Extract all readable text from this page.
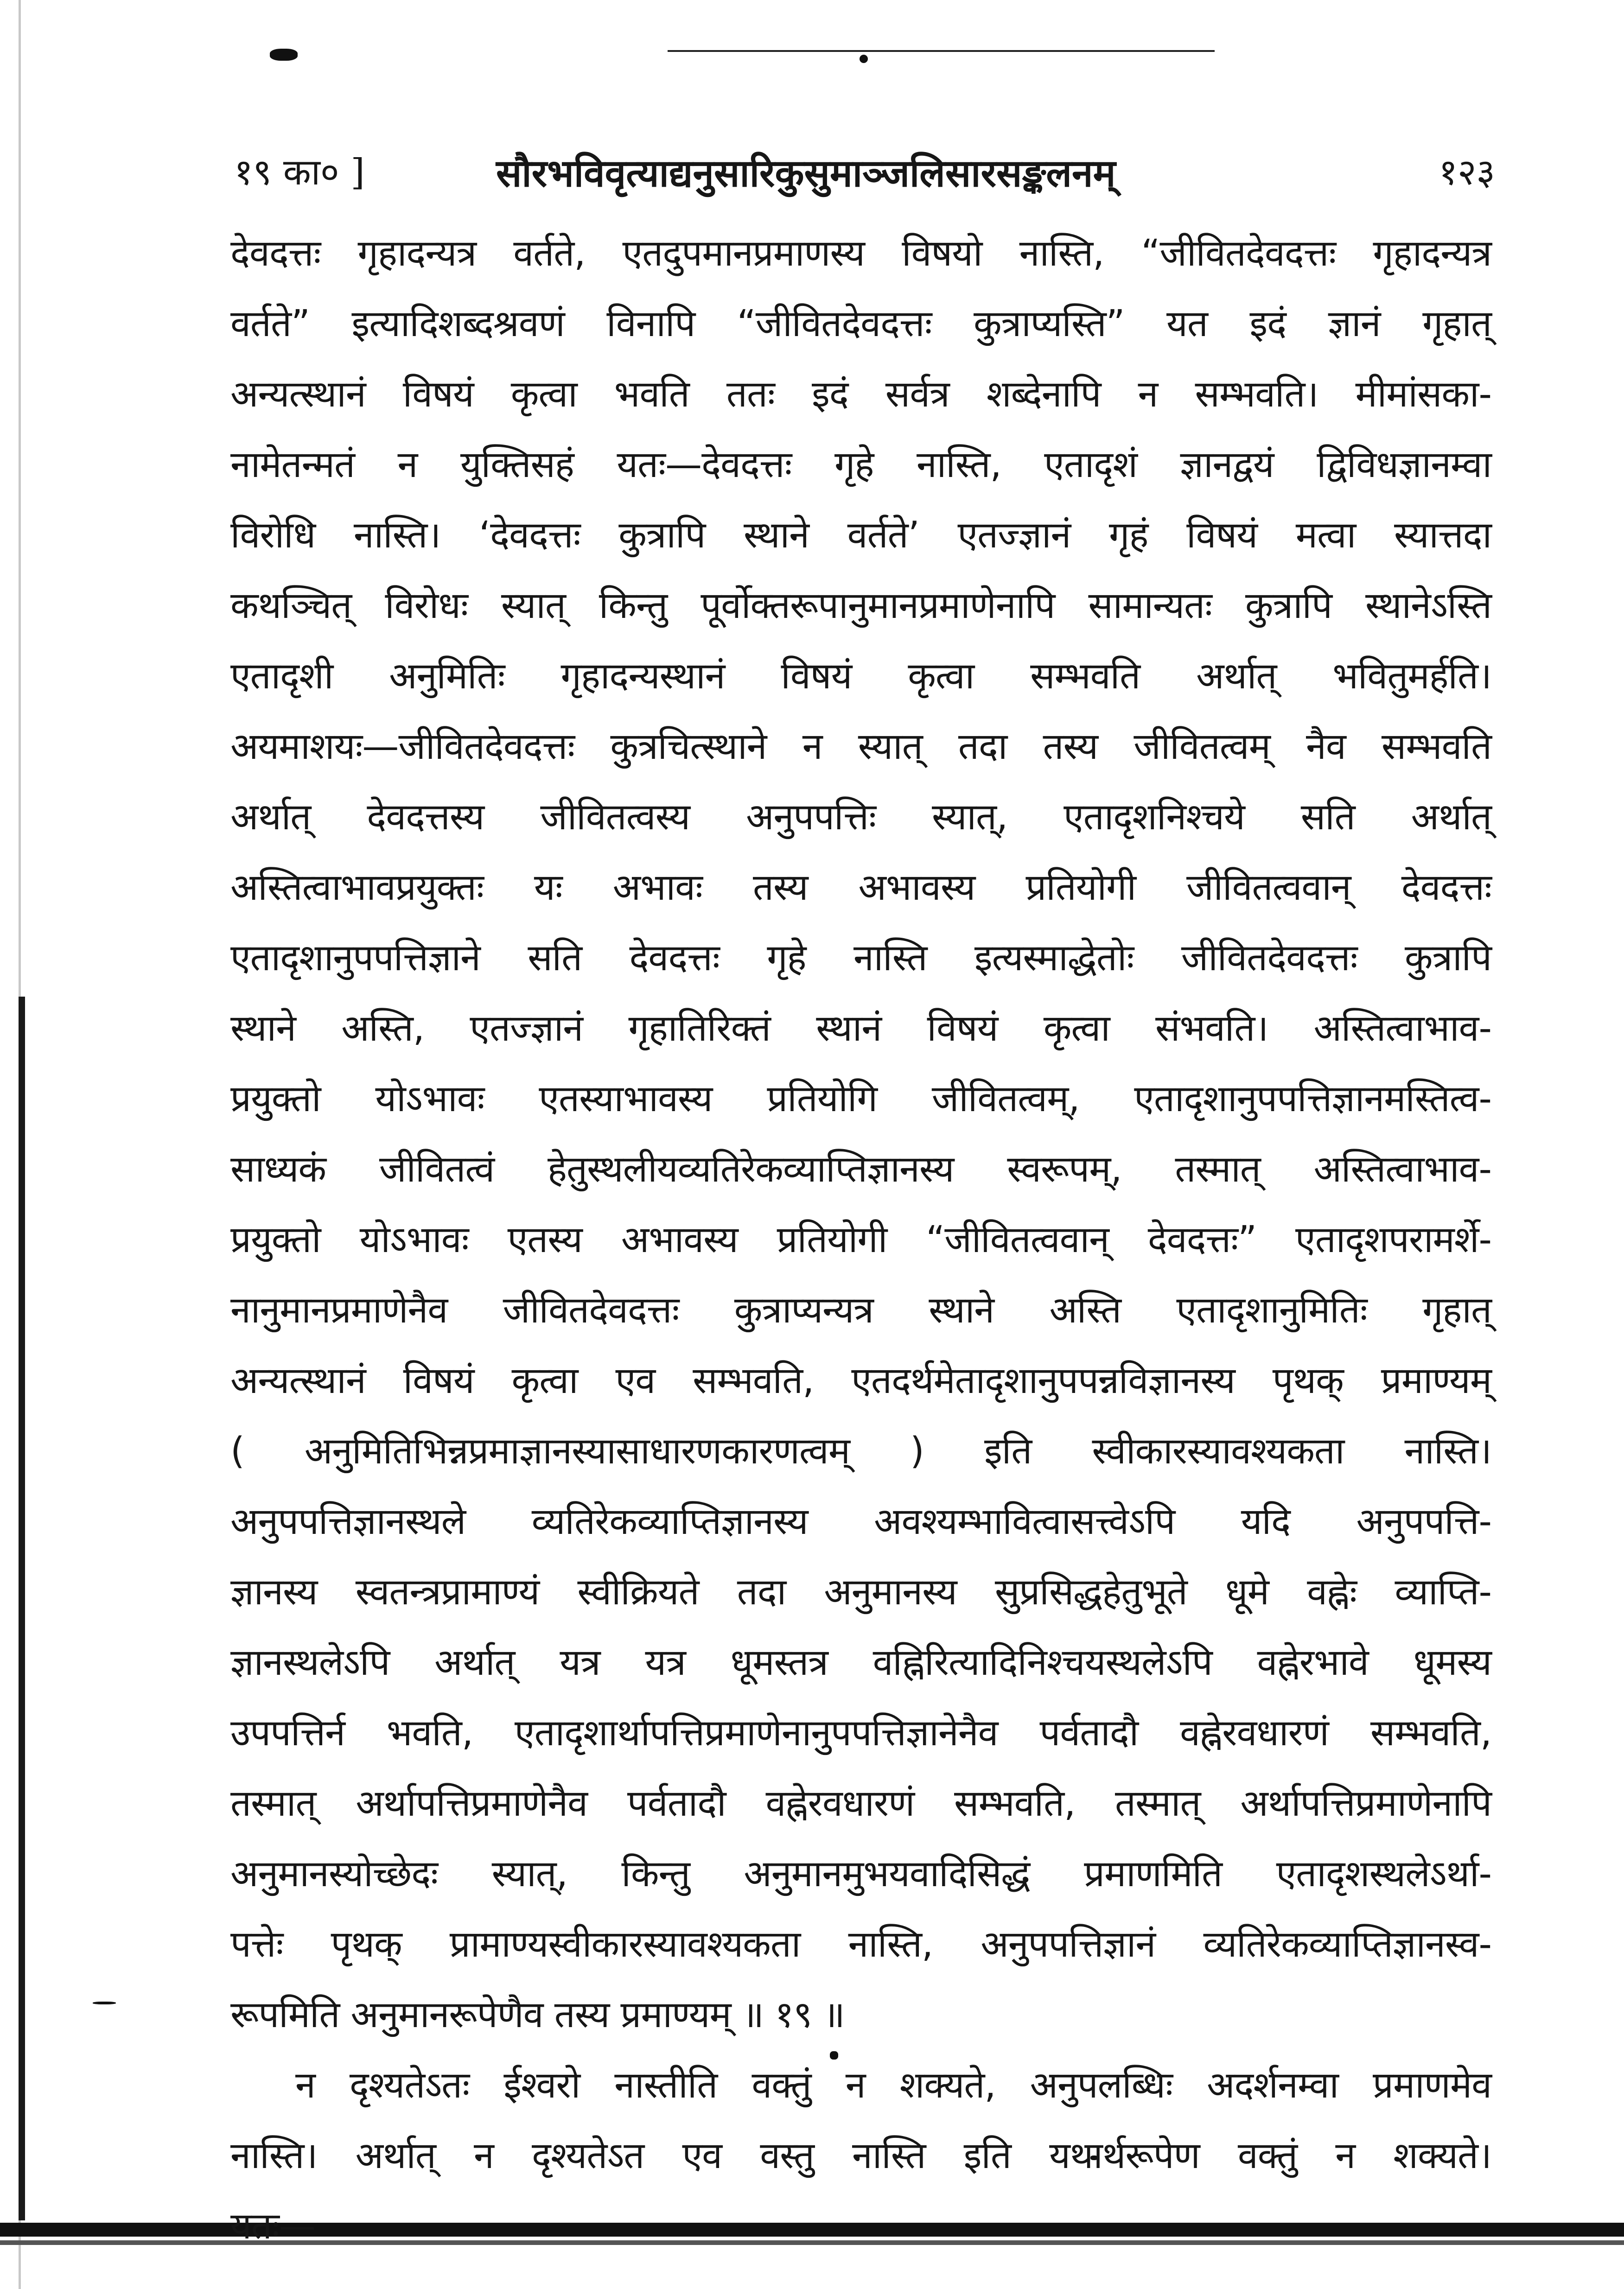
१९ का० ]	सौरभविवृत्याद्यनुसारिकुसुमाञ्जलिसारसङ्कलनम्	१२३
देवदत्तः गृहादन्यत्र वर्तते, एतदुपमानप्रमाणस्य विषयो नास्ति, “जीवितदेवदत्तः गृहादन्यत्र
वर्तते” इत्यादिशब्दश्रवणं विनापि “जीवितदेवदत्तः कुत्राप्यस्ति” यत इदं ज्ञानं गृहात्
अन्यत्स्थानं विषयं कृत्वा भवति ततः इदं सर्वत्र शब्देनापि न सम्भवति। मीमांसका-
नामेतन्मतं न युक्तिसहं यतः—देवदत्तः गृहे नास्ति, एतादृशं ज्ञानद्वयं द्विविधज्ञानम्वा
विरोधि नास्ति। ‘देवदत्तः कुत्रापि स्थाने वर्तते’ एतज्ज्ञानं गृहं विषयं मत्वा स्यात्तदा
कथञ्चित् विरोधः स्यात् किन्तु पूर्वोक्तरूपानुमानप्रमाणेनापि सामान्यतः कुत्रापि स्थानेऽस्ति
एतादृशी अनुमितिः गृहादन्यस्थानं विषयं कृत्वा सम्भवति अर्थात् भवितुमर्हति।
अयमाशयः—जीवितदेवदत्तः कुत्रचित्स्थाने न स्यात् तदा तस्य जीवितत्वम् नैव सम्भवति
अर्थात् देवदत्तस्य जीवितत्वस्य अनुपपत्तिः स्यात्, एतादृशनिश्चये सति अर्थात्
अस्तित्वाभावप्रयुक्तः यः अभावः तस्य अभावस्य प्रतियोगी जीवितत्ववान् देवदत्तः
एतादृशानुपपत्तिज्ञाने सति देवदत्तः गृहे नास्ति इत्यस्माद्धेतोः जीवितदेवदत्तः कुत्रापि
स्थाने अस्ति, एतज्ज्ञानं गृहातिरिक्तं स्थानं विषयं कृत्वा संभवति। अस्तित्वाभाव-
प्रयुक्तो योऽभावः एतस्याभावस्य प्रतियोगि जीवितत्वम्, एतादृशानुपपत्तिज्ञानमस्तित्व-
साध्यकं जीवितत्वं हेतुस्थलीयव्यतिरेकव्याप्तिज्ञानस्य स्वरूपम्, तस्मात् अस्तित्वाभाव-
प्रयुक्तो योऽभावः एतस्य अभावस्य प्रतियोगी “जीवितत्ववान् देवदत्तः” एतादृशपरामर्शे-
नानुमानप्रमाणेनैव जीवितदेवदत्तः कुत्राप्यन्यत्र स्थाने अस्ति एतादृशानुमितिः गृहात्
अन्यत्स्थानं विषयं कृत्वा एव सम्भवति, एतदर्थमेतादृशानुपपन्नविज्ञानस्य पृथक् प्रमाण्यम्
( अनुमितिभिन्नप्रमाज्ञानस्यासाधारणकारणत्वम् ) इति स्वीकारस्यावश्यकता नास्ति।
अनुपपत्तिज्ञानस्थले व्यतिरेकव्याप्तिज्ञानस्य अवश्यम्भावित्वासत्त्वेऽपि यदि अनुपपत्ति-
ज्ञानस्य स्वतन्त्रप्रामाण्यं स्वीक्रियते तदा अनुमानस्य सुप्रसिद्धहेतुभूते धूमे वह्नेः व्याप्ति-
ज्ञानस्थलेऽपि अर्थात् यत्र यत्र धूमस्तत्र वह्निरित्यादिनिश्चयस्थलेऽपि वह्नेरभावे धूमस्य
उपपत्तिर्न भवति, एतादृशार्थापत्तिप्रमाणेनानुपपत्तिज्ञानेनैव पर्वतादौ वह्नेरवधारणं सम्भवति,
तस्मात् अर्थापत्तिप्रमाणेनैव पर्वतादौ वह्नेरवधारणं सम्भवति, तस्मात् अर्थापत्तिप्रमाणेनापि
अनुमानस्योच्छेदः स्यात्, किन्तु अनुमानमुभयवादिसिद्धं प्रमाणमिति एतादृशस्थलेऽर्था-
पत्तेः पृथक् प्रामाण्यस्वीकारस्यावश्यकता नास्ति, अनुपपत्तिज्ञानं व्यतिरेकव्याप्तिज्ञानस्व-
रूपमिति अनुमानरूपेणैव तस्य प्रमाण्यम् ॥ १९ ॥
न दृश्यतेऽतः ईश्वरो नास्तीति वक्तुं न शक्यते, अनुपलब्धिः अदर्शनम्वा प्रमाणमेव
नास्ति। अर्थात् न दृश्यतेऽत एव वस्तु नास्ति इति यथार्थरूपेण वक्तुं न शक्यते।
यतः—
